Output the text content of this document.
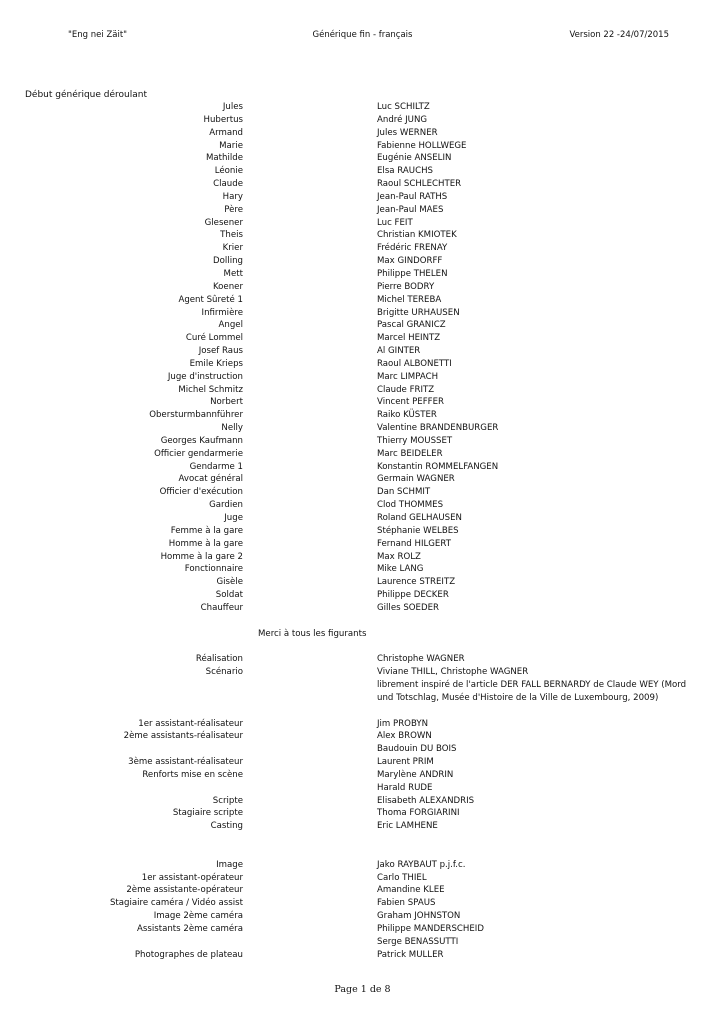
"Eng nei Zäit"	Générique fin - français	Version 22 -24/07/2015
Début générique déroulant
Jules	Luc SCHILTZ
Hubertus	André JUNG
Armand	Jules WERNER
Marie	Fabienne HOLLWEGE
Mathilde	Eugénie ANSELIN
Léonie	Elsa RAUCHS
Claude	Raoul SCHLECHTER
Hary	Jean-Paul RATHS
Père	Jean-Paul MAES
Glesener	Luc FEIT
Theis	Christian KMIOTEK
Krier	Frédéric FRENAY
Dolling	Max GINDORFF
Mett	Philippe THELEN
Koener	Pierre BODRY
Agent Sûreté 1	Michel TEREBA
Infirmière	Brigitte URHAUSEN
Angel	Pascal GRANICZ
Curé Lommel	Marcel HEINTZ
Josef Raus	Al GINTER
Emile Krieps	Raoul ALBONETTI
Juge d'instruction	Marc LIMPACH
Michel Schmitz	Claude FRITZ
Norbert	Vincent PEFFER
Obersturmbannführer	Raiko KÜSTER
Nelly	Valentine BRANDENBURGER
Georges Kaufmann	Thierry MOUSSET
Officier gendarmerie	Marc BEIDELER
Gendarme 1	Konstantin ROMMELFANGEN
Avocat général	Germain WAGNER
Officier d'exécution	Dan SCHMIT
Gardien	Clod THOMMES
Juge	Roland GELHAUSEN
Femme à la gare	Stéphanie WELBES
Homme à la gare	Fernand HILGERT
Homme à la gare 2	Max ROLZ
Fonctionnaire	Mike LANG
Gisèle	Laurence STREITZ
Soldat	Philippe DECKER
Chauffeur	Gilles SOEDER
Merci à tous les figurants
Réalisation	Christophe WAGNER
Scénario	Viviane THILL, Christophe WAGNER
librement inspiré de l'article DER FALL BERNARDY de Claude WEY (Mord
und Totschlag, Musée d'Histoire de la Ville de Luxembourg, 2009)
1er assistant-réalisateur	Jim PROBYN
2ème assistants-réalisateur	Alex BROWN
Baudouin DU BOIS
3ème assistant-réalisateur	Laurent PRIM
Renforts mise en scène	Marylène ANDRIN
Harald RUDE
Scripte	Elisabeth ALEXANDRIS
Stagiaire scripte	Thoma FORGIARINI
Casting	Eric LAMHENE
Image	Jako RAYBAUT p.j.f.c.
1er assistant-opérateur	Carlo THIEL
2ème assistante-opérateur	Amandine KLEE
Stagiaire caméra / Vidéo assist	Fabien SPAUS
Image 2ème caméra	Graham JOHNSTON
Assistants 2ème caméra	Philippe MANDERSCHEID
Serge BENASSUTTI
Photographes de plateau	Patrick MULLER
Page 1 de 8
